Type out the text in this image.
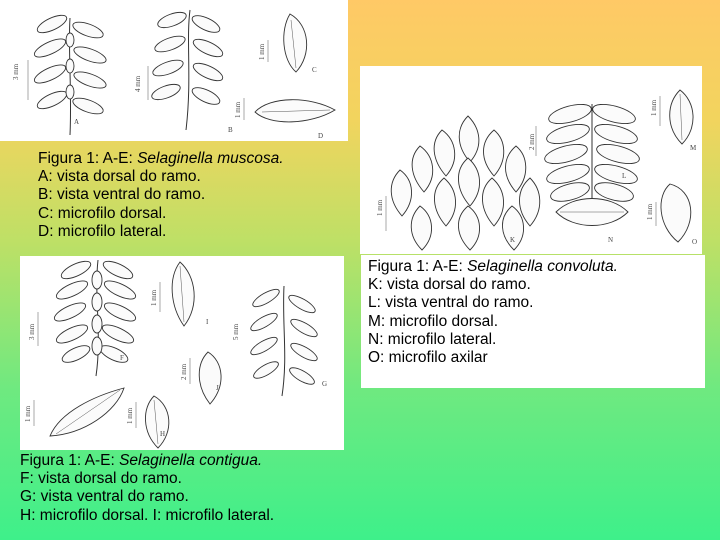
3 mm
4 mm
1 mm
1 mm
A
B
C
D
Figura 1: A-E: Selaginella muscosa.
A: vista dorsal do ramo.
B: vista ventral do ramo.
C: microfilo dorsal.
D: microfilo lateral.
1 mm
2 mm
1 mm
1 mm
K
L
M
N	O
Figura 1: A-E: Selaginella convoluta.
K: vista dorsal do ramo.
L: vista ventral do ramo.
M: microfilo dorsal.
N: microfilo lateral.
O: microfilo axilar
3 mm
1 mm
5 mm
2 mm
1 mm	1 mm
F
G
H
I
J
Figura 1: A-E: Selaginella contigua.
F: vista dorsal do ramo.
G: vista ventral do ramo.
H: microfilo dorsal. I: microfilo lateral.
